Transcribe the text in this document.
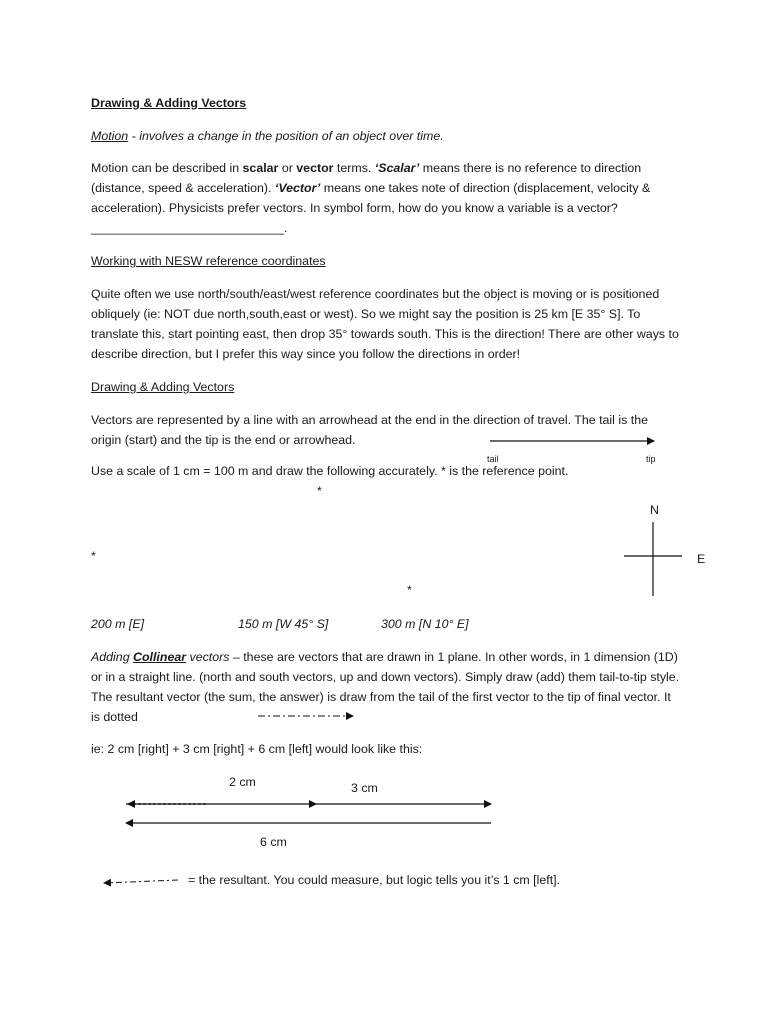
Drawing & Adding Vectors

Motion - involves a change in the position of an object over time.

Motion can be described in scalar or vector terms. ‘Scalar’ means there is no reference to direction (distance, speed & acceleration). ‘Vector’ means one takes note of direction (displacement, velocity & acceleration). Physicists prefer vectors. In symbol form, how do you know a variable is a vector? ____________________________.

Working with NESW reference coordinates

Quite often we use north/south/east/west reference coordinates but the object is moving or is positioned obliquely (ie: NOT due north,south,east or west). So we might say the position is 25 km [E 35° S]. To translate this, start pointing east, then drop 35° towards south. This is the direction! There are other ways to describe direction, but I prefer this way since you follow the directions in order!

Drawing & Adding Vectors

Vectors are represented by a line with an arrowhead at the end in the direction of travel. The tail is the origin (start) and the tip is the end or arrowhead.

tail	tip

Use a scale of 1 cm = 100 m and draw the following accurately. * is the reference point.

*
*
*
N
E
200 m [E]	150 m [W 45° S]	300 m [N 10° E]

Adding Collinear vectors – these are vectors that are drawn in 1 plane. In other words, in 1 dimension (1D) or in a straight line. (north and south vectors, up and down vectors). Simply draw (add) them tail-to-tip style. The resultant vector (the sum, the answer) is draw from the tail of the first vector to the tip of final vector. It is dotted

ie: 2 cm [right] + 3 cm [right] + 6 cm [left] would look like this:

2 cm	3 cm
6 cm
= the resultant. You could measure, but logic tells you it’s 1 cm [left].
